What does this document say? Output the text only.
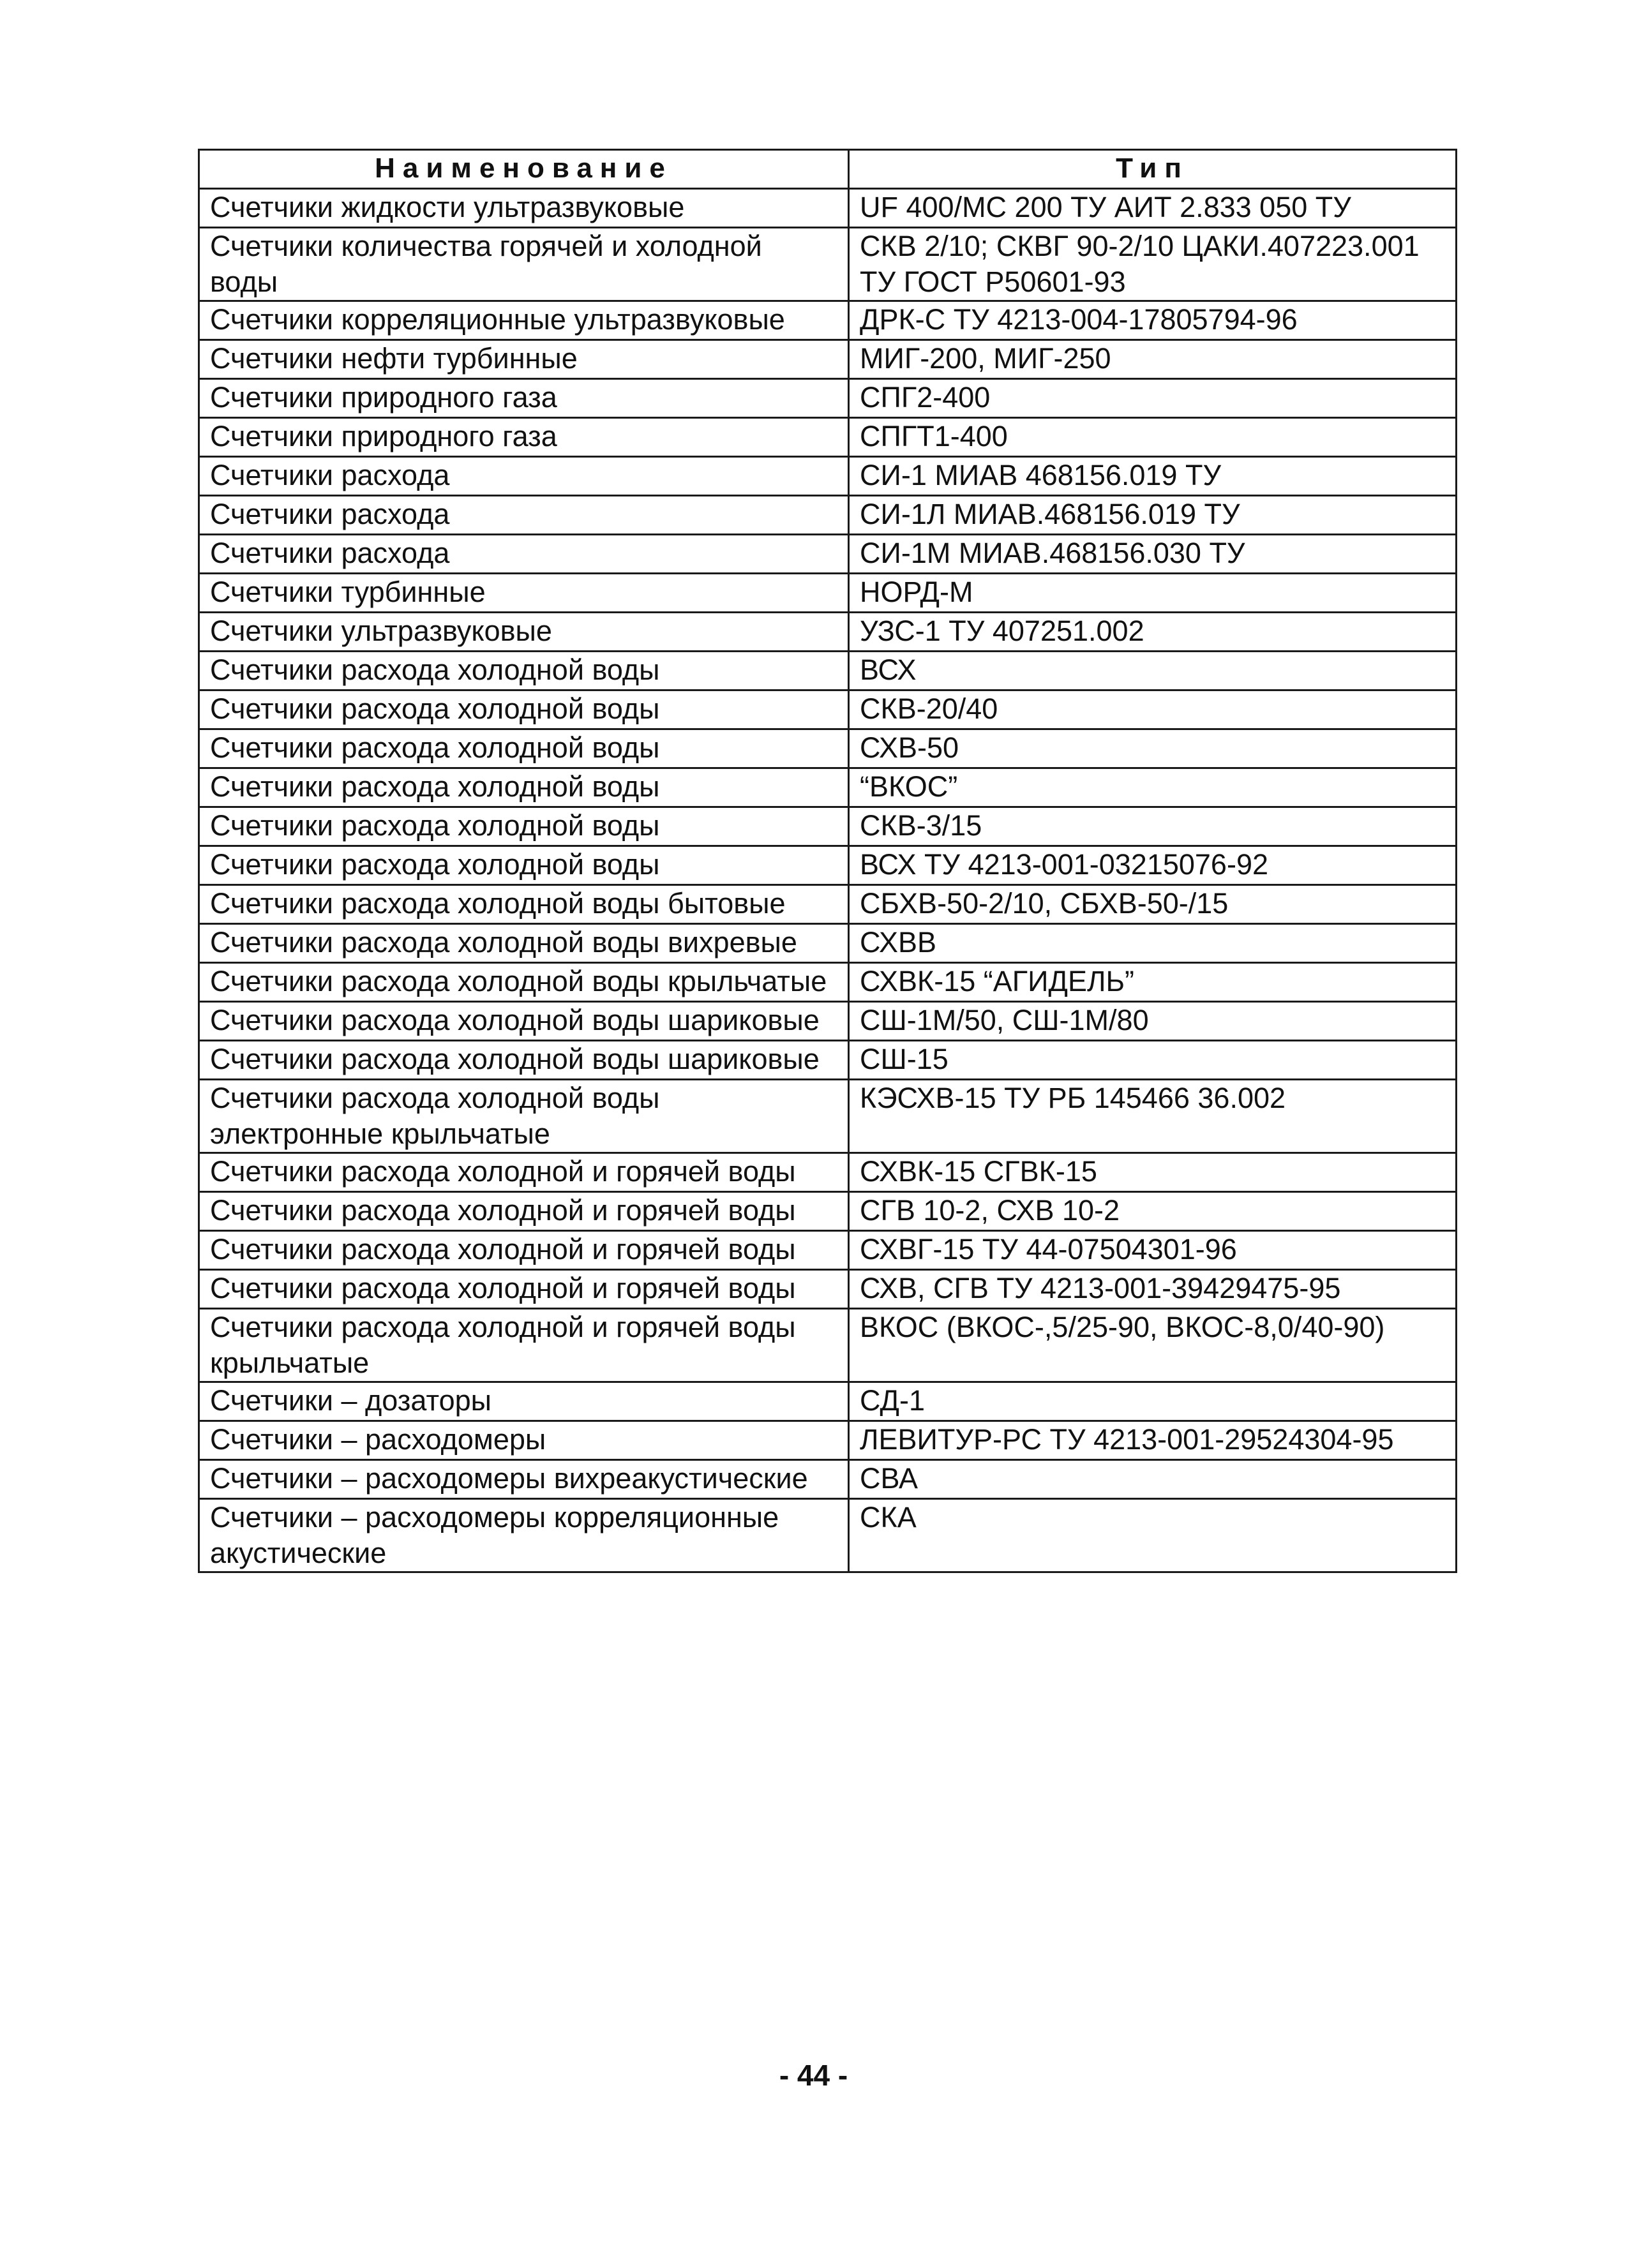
Наименование	Тип
Счетчики жидкости ультразвуковые	UF 400/MC 200 ТУ АИТ 2.833 050 ТУ
Счетчики количества горячей и холодной воды	СКВ 2/10; СКВГ 90-2/10 ЦАКИ.407223.001 ТУ ГОСТ Р50601-93
Счетчики корреляционные ультразвуковые	ДРК-С ТУ 4213-004-17805794-96
Счетчики нефти турбинные	МИГ-200, МИГ-250
Счетчики природного газа	СПГ2-400
Счетчики природного газа	СПГТ1-400
Счетчики расхода	СИ-1 МИАВ 468156.019 ТУ
Счетчики расхода	СИ-1Л МИАВ.468156.019 ТУ
Счетчики расхода	СИ-1М МИАВ.468156.030 ТУ
Счетчики турбинные	НОРД-М
Счетчики ультразвуковые	УЗС-1 ТУ 407251.002
Счетчики расхода холодной воды	ВСХ
Счетчики расхода холодной воды	СКВ-20/40
Счетчики расхода холодной воды	СХВ-50
Счетчики расхода холодной воды	“ВКОС”
Счетчики расхода холодной воды	СКВ-3/15
Счетчики расхода холодной воды	ВСХ ТУ 4213-001-03215076-92
Счетчики расхода холодной воды бытовые	СБХВ-50-2/10, СБХВ-50-/15
Счетчики расхода холодной воды вихревые	СХВВ
Счетчики расхода холодной воды крыльчатые	СХВК-15 “АГИДЕЛЬ”
Счетчики расхода холодной воды шариковые	СШ-1М/50, СШ-1М/80
Счетчики расхода холодной воды шариковые	СШ-15
Счетчики расхода холодной воды электронные крыльчатые	КЭСХВ-15 ТУ РБ 145466 36.002
Счетчики расхода холодной и горячей воды	СХВК-15 СГВК-15
Счетчики расхода холодной и горячей воды	СГВ 10-2, СХВ 10-2
Счетчики расхода холодной и горячей воды	СХВГ-15 ТУ 44-07504301-96
Счетчики расхода холодной и горячей воды	СХВ, СГВ ТУ 4213-001-39429475-95
Счетчики расхода холодной и горячей воды крыльчатые	ВКОС (ВКОС-,5/25-90, ВКОС-8,0/40-90)
Счетчики – дозаторы	СД-1
Счетчики – расходомеры	ЛЕВИТУР-РС ТУ 4213-001-29524304-95
Счетчики – расходомеры вихреакустические	СВА
Счетчики – расходомеры корреляционные акустические	СКА
- 44 -
